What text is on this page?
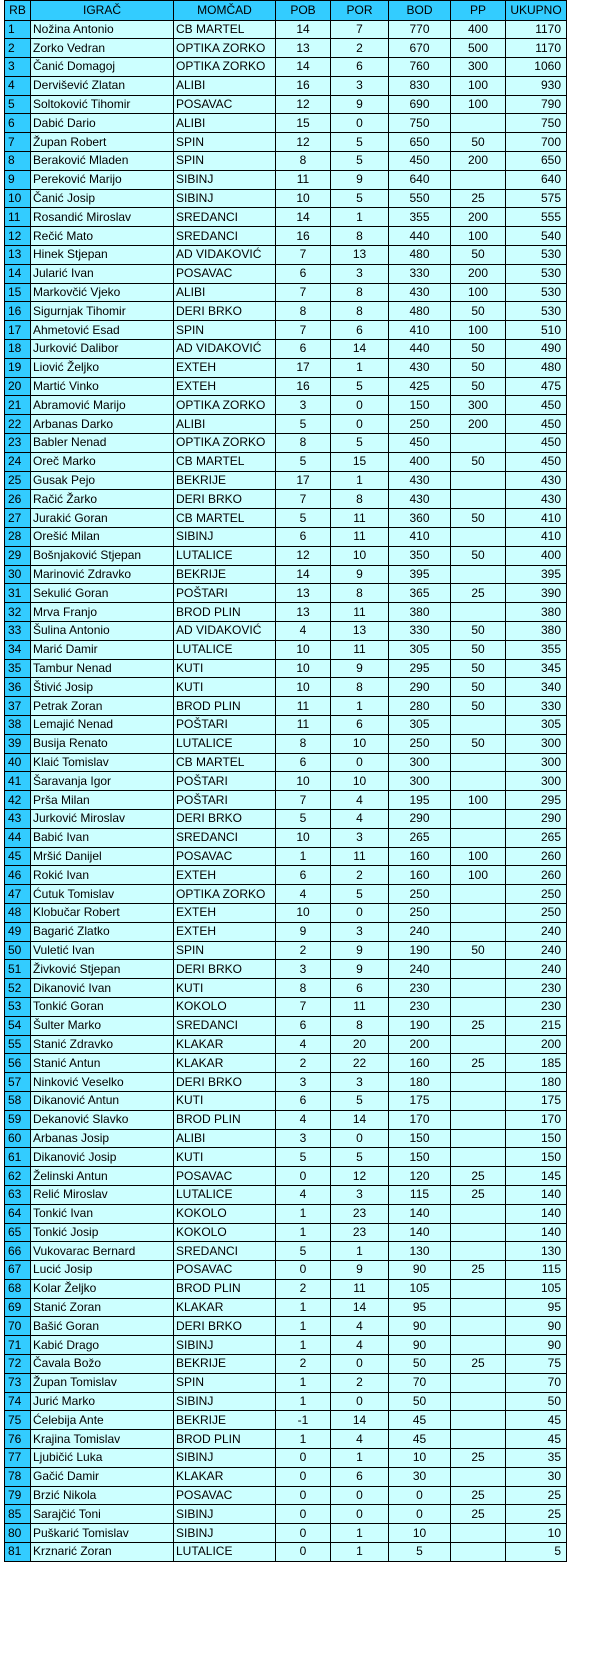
RB	IGRAČ	MOMČAD	POB	POR	BOD	PP	UKUPNO
1	Nožina Antonio	CB MARTEL	14	7	770	400	1170
2	Zorko Vedran	OPTIKA ZORKO	13	2	670	500	1170
3	Čanić Domagoj	OPTIKA ZORKO	14	6	760	300	1060
4	Dervišević Zlatan	ALIBI	16	3	830	100	930
5	Soltoković Tihomir	POSAVAC	12	9	690	100	790
6	Dabić Dario	ALIBI	15	0	750		750
7	Župan Robert	SPIN	12	5	650	50	700
8	Beraković Mladen	SPIN	8	5	450	200	650
9	Pereković Marijo	SIBINJ	11	9	640		640
10	Čanić Josip	SIBINJ	10	5	550	25	575
11	Rosandić Miroslav	SREDANCI	14	1	355	200	555
12	Rečić Mato	SREDANCI	16	8	440	100	540
13	Hinek Stjepan	AD VIDAKOVIĆ	7	13	480	50	530
14	Jularić Ivan	POSAVAC	6	3	330	200	530
15	Markovčić Vjeko	ALIBI	7	8	430	100	530
16	Sigurnjak Tihomir	DERI BRKO	8	8	480	50	530
17	Ahmetović Esad	SPIN	7	6	410	100	510
18	Jurković Dalibor	AD VIDAKOVIĆ	6	14	440	50	490
19	Liović Željko	EXTEH	17	1	430	50	480
20	Martić Vinko	EXTEH	16	5	425	50	475
21	Abramović Marijo	OPTIKA ZORKO	3	0	150	300	450
22	Arbanas Darko	ALIBI	5	0	250	200	450
23	Babler Nenad	OPTIKA ZORKO	8	5	450		450
24	Oreč Marko	CB MARTEL	5	15	400	50	450
25	Gusak Pejo	BEKRIJE	17	1	430		430
26	Račić Žarko	DERI BRKO	7	8	430		430
27	Jurakić Goran	CB MARTEL	5	11	360	50	410
28	Orešić Milan	SIBINJ	6	11	410		410
29	Bošnjaković Stjepan	LUTALICE	12	10	350	50	400
30	Marinović Zdravko	BEKRIJE	14	9	395		395
31	Sekulić Goran	POŠTARI	13	8	365	25	390
32	Mrva Franjo	BROD PLIN	13	11	380		380
33	Šulina Antonio	AD VIDAKOVIĆ	4	13	330	50	380
34	Marić Damir	LUTALICE	10	11	305	50	355
35	Tambur Nenad	KUTI	10	9	295	50	345
36	Štivić Josip	KUTI	10	8	290	50	340
37	Petrak Zoran	BROD PLIN	11	1	280	50	330
38	Lemajić Nenad	POŠTARI	11	6	305		305
39	Busija Renato	LUTALICE	8	10	250	50	300
40	Klaić Tomislav	CB MARTEL	6	0	300		300
41	Šaravanja Igor	POŠTARI	10	10	300		300
42	Prša Milan	POŠTARI	7	4	195	100	295
43	Jurković Miroslav	DERI BRKO	5	4	290		290
44	Babić Ivan	SREDANCI	10	3	265		265
45	Mršić Danijel	POSAVAC	1	11	160	100	260
46	Rokić Ivan	EXTEH	6	2	160	100	260
47	Ćutuk Tomislav	OPTIKA ZORKO	4	5	250		250
48	Klobučar Robert	EXTEH	10	0	250		250
49	Bagarić Zlatko	EXTEH	9	3	240		240
50	Vuletić Ivan	SPIN	2	9	190	50	240
51	Živković Stjepan	DERI BRKO	3	9	240		240
52	Dikanović Ivan	KUTI	8	6	230		230
53	Tonkić Goran	KOKOLO	7	11	230		230
54	Šulter Marko	SREDANCI	6	8	190	25	215
55	Stanić Zdravko	KLAKAR	4	20	200		200
56	Stanić Antun	KLAKAR	2	22	160	25	185
57	Ninković Veselko	DERI BRKO	3	3	180		180
58	Dikanović Antun	KUTI	6	5	175		175
59	Dekanović Slavko	BROD PLIN	4	14	170		170
60	Arbanas Josip	ALIBI	3	0	150		150
61	Dikanović Josip	KUTI	5	5	150		150
62	Želinski Antun	POSAVAC	0	12	120	25	145
63	Relić Miroslav	LUTALICE	4	3	115	25	140
64	Tonkić Ivan	KOKOLO	1	23	140		140
65	Tonkić Josip	KOKOLO	1	23	140		140
66	Vukovarac Bernard	SREDANCI	5	1	130		130
67	Lucić Josip	POSAVAC	0	9	90	25	115
68	Kolar Željko	BROD PLIN	2	11	105		105
69	Stanić Zoran	KLAKAR	1	14	95		95
70	Bašić Goran	DERI BRKO	1	4	90		90
71	Kabić Drago	SIBINJ	1	4	90		90
72	Čavala Božo	BEKRIJE	2	0	50	25	75
73	Župan Tomislav	SPIN	1	2	70		70
74	Jurić Marko	SIBINJ	1	0	50		50
75	Ćelebija Ante	BEKRIJE	-1	14	45		45
76	Krajina Tomislav	BROD PLIN	1	4	45		45
77	Ljubičić Luka	SIBINJ	0	1	10	25	35
78	Gačić Damir	KLAKAR	0	6	30		30
79	Brzić Nikola	POSAVAC	0	0	0	25	25
85	Sarajčić Toni	SIBINJ	0	0	0	25	25
80	Puškarić Tomislav	SIBINJ	0	1	10		10
81	Krznarić Zoran	LUTALICE	0	1	5		5
